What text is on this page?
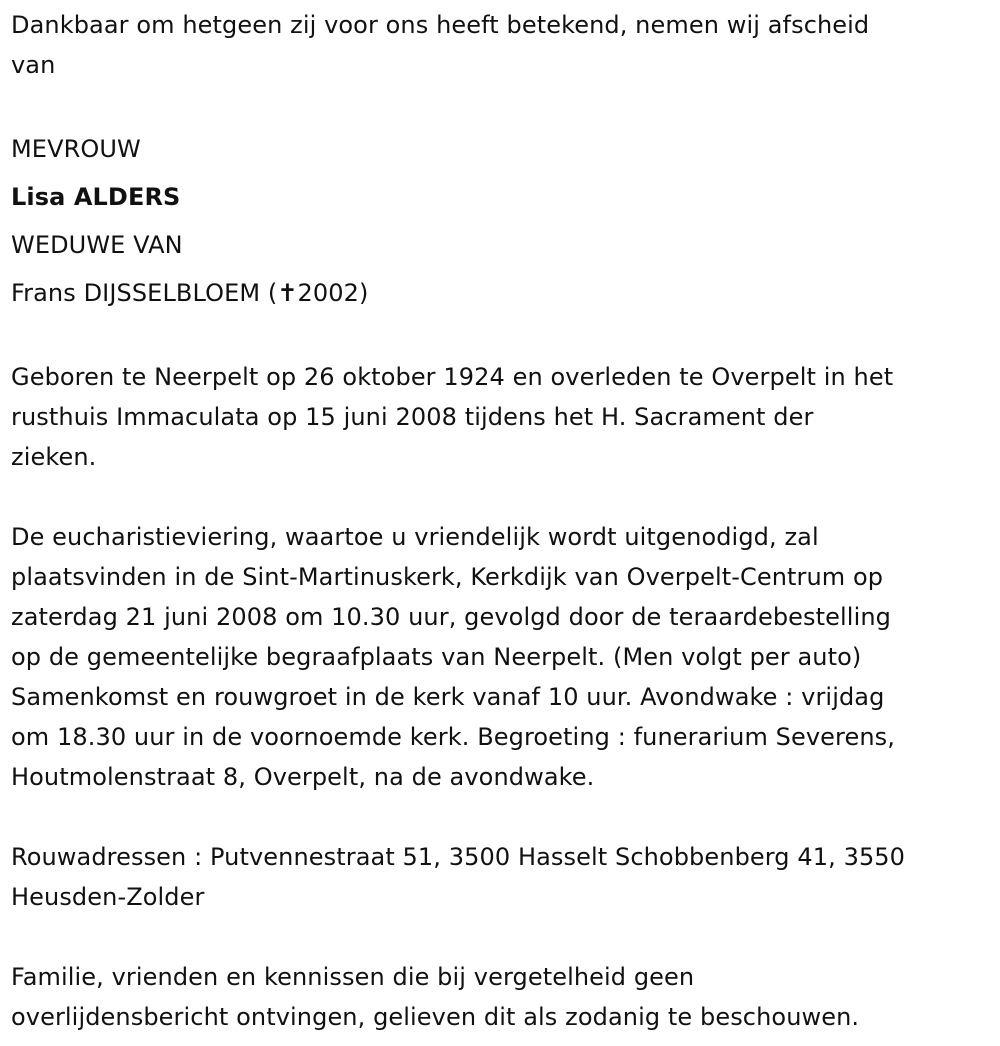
Dankbaar om hetgeen zij voor ons heeft betekend, nemen wij afscheid

van

MEVROUW

Lisa ALDERS

WEDUWE VAN

Frans DIJSSELBLOEM (✝2002)

Geboren te Neerpelt op 26 oktober 1924 en overleden te Overpelt in het

rusthuis Immaculata op 15 juni 2008 tijdens het H. Sacrament der

zieken.

De eucharistieviering, waartoe u vriendelijk wordt uitgenodigd, zal

plaatsvinden in de Sint-Martinuskerk, Kerkdijk van Overpelt-Centrum op

zaterdag 21 juni 2008 om 10.30 uur, gevolgd door de teraardebestelling

op de gemeentelijke begraafplaats van Neerpelt. (Men volgt per auto)

Samenkomst en rouwgroet in de kerk vanaf 10 uur. Avondwake : vrijdag

om 18.30 uur in de voornoemde kerk. Begroeting : funerarium Severens,

Houtmolenstraat 8, Overpelt, na de avondwake.

Rouwadressen : Putvennestraat 51, 3500 Hasselt Schobbenberg 41, 3550

Heusden-Zolder

Familie, vrienden en kennissen die bij vergetelheid geen

overlijdensbericht ontvingen, gelieven dit als zodanig te beschouwen.
